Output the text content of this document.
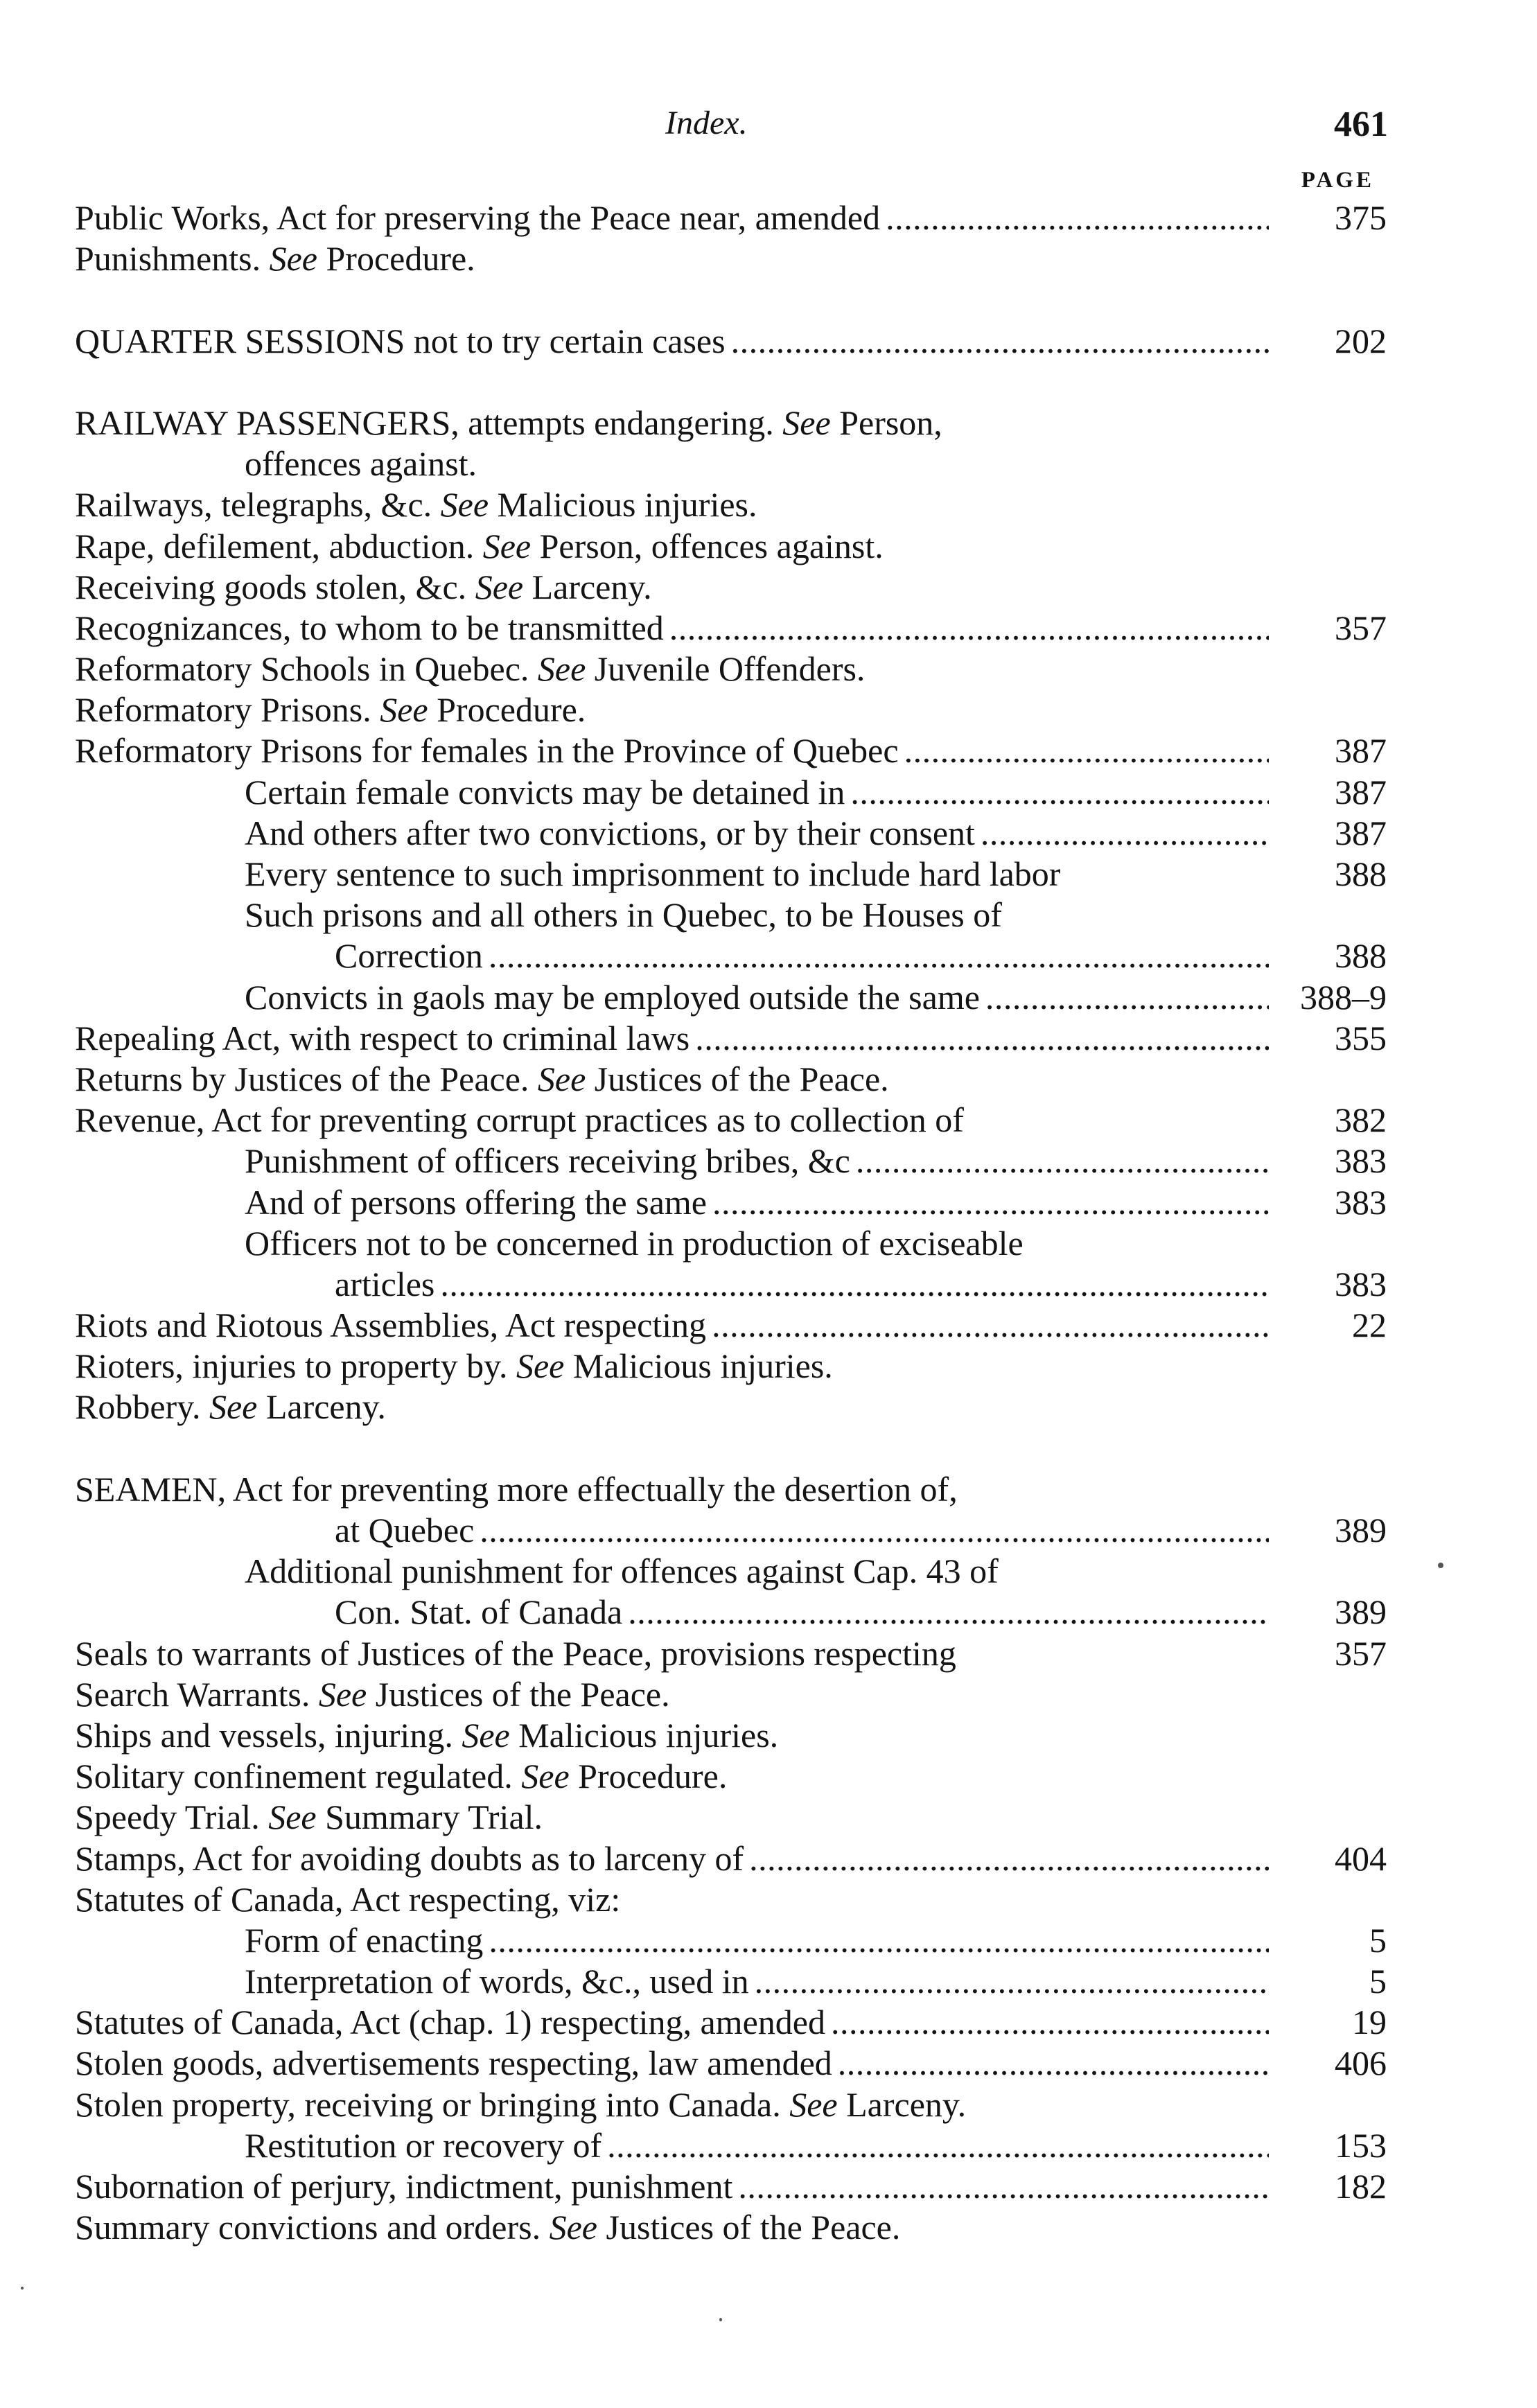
Index.	461
PAGE
Public Works, Act for preserving the Peace near, amended . . .	375
Punishments. See Procedure.
QUARTER SESSIONS not to try certain cases . . .	202
RAILWAY PASSENGERS, attempts endangering. See Person,
offences against.
Railways, telegraphs, &c. See Malicious injuries.
Rape, defilement, abduction. See Person, offences against.
Receiving goods stolen, &c. See Larceny.
Recognizances, to whom to be transmitted . . .	357
Reformatory Schools in Quebec. See Juvenile Offenders.
Reformatory Prisons. See Procedure.
Reformatory Prisons for females in the Province of Quebec . . .	387
Certain female convicts may be detained in . . .	387
And others after two convictions, or by their consent . . .	387
Every sentence to such imprisonment to include hard labor	388
Such prisons and all others in Quebec, to be Houses of
Correction . . .	388
Convicts in gaols may be employed outside the same . . .	388–9
Repealing Act, with respect to criminal laws . . .	355
Returns by Justices of the Peace. See Justices of the Peace.
Revenue, Act for preventing corrupt practices as to collection of	382
Punishment of officers receiving bribes, &c . . .	383
And of persons offering the same . . .	383
Officers not to be concerned in production of exciseable
articles . . .	383
Riots and Riotous Assemblies, Act respecting . . .	22
Rioters, injuries to property by. See Malicious injuries.
Robbery. See Larceny.
SEAMEN, Act for preventing more effectually the desertion of,
at Quebec . . .	389
Additional punishment for offences against Cap. 43 of
Con. Stat. of Canada . . .	389
Seals to warrants of Justices of the Peace, provisions respecting	357
Search Warrants. See Justices of the Peace.
Ships and vessels, injuring. See Malicious injuries.
Solitary confinement regulated. See Procedure.
Speedy Trial. See Summary Trial.
Stamps, Act for avoiding doubts as to larceny of . . .	404
Statutes of Canada, Act respecting, viz:
Form of enacting . . .	5
Interpretation of words, &c., used in . . .	5
Statutes of Canada, Act (chap. 1) respecting, amended . . .	19
Stolen goods, advertisements respecting, law amended . . .	406
Stolen property, receiving or bringing into Canada. See Larceny.
Restitution or recovery of . . .	153
Subornation of perjury, indictment, punishment . . .	182
Summary convictions and orders. See Justices of the Peace.
